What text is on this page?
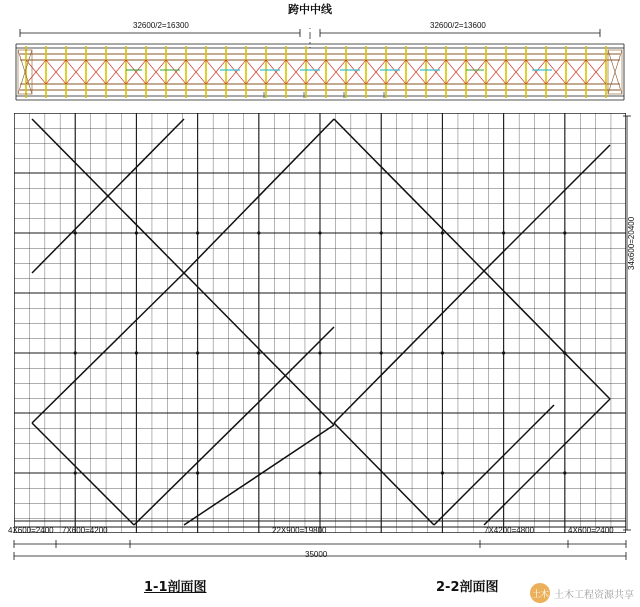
跨中中线
32600/2=16300	32600/2=13600
34x600=20400
4X600=2400 7X600=4200	22X900=19800	7X4200=4800	4X600=2400
35000
1-1剖面图	2-2剖面图	土木 土木工程资源共享
